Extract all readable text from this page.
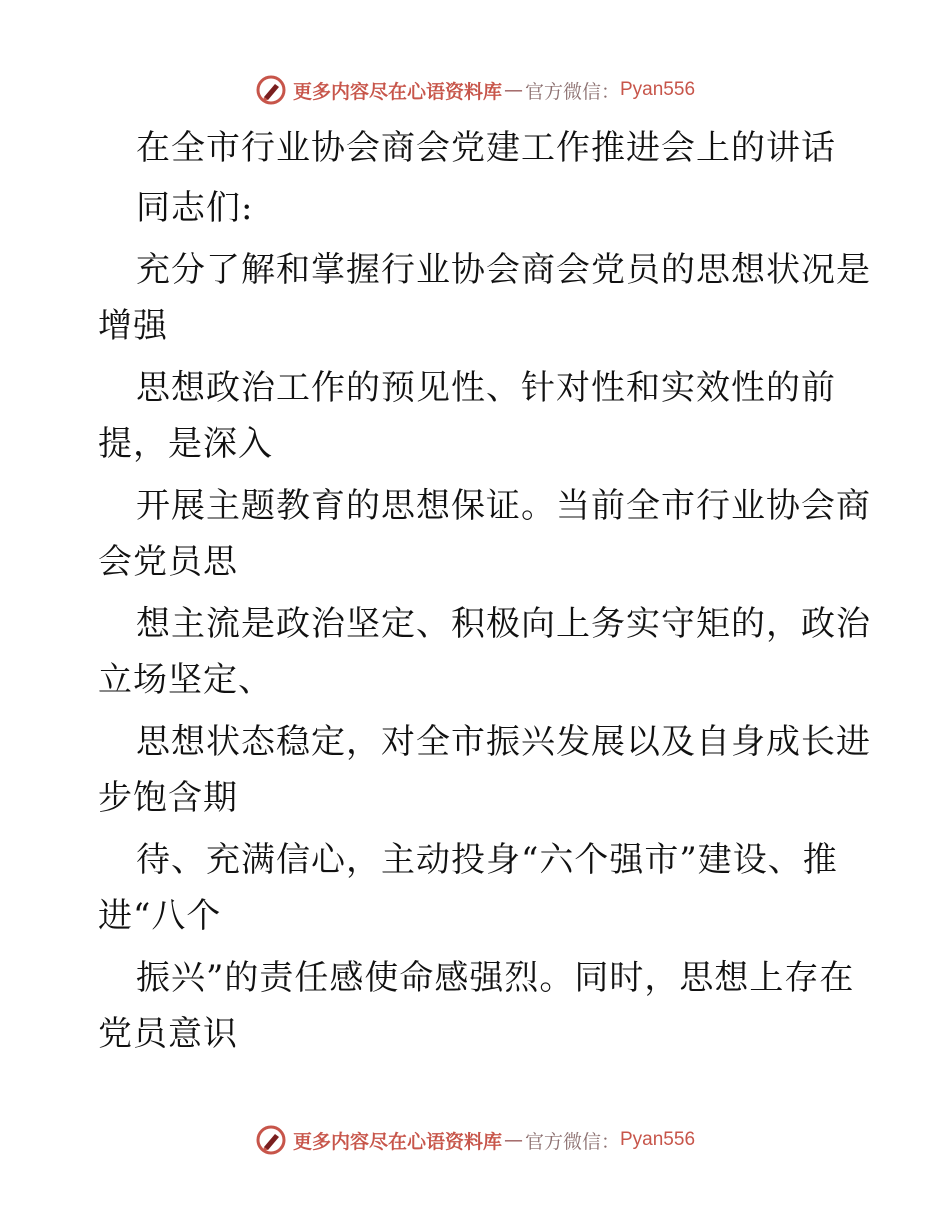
更多内容尽在心语资料库 — 官方微信： Pyan556
在全市行业协会商会党建工作推进会上的讲话
同志们:
充分了解和掌握行业协会商会党员的思想状况是
增强
思想政治工作的预见性、针对性和实效性的前
提，是深入
开展主题教育的思想保证。当前全市行业协会商
会党员思
想主流是政治坚定、积极向上务实守矩的，政治
立场坚定、
思想状态稳定，对全市振兴发展以及自身成长进
步饱含期
待、充满信心，主动投身“六个强市”建设、推
进“八个
振兴”的责任感使命感强烈。同时，思想上存在
党员意识
更多内容尽在心语资料库 — 官方微信： Pyan556
